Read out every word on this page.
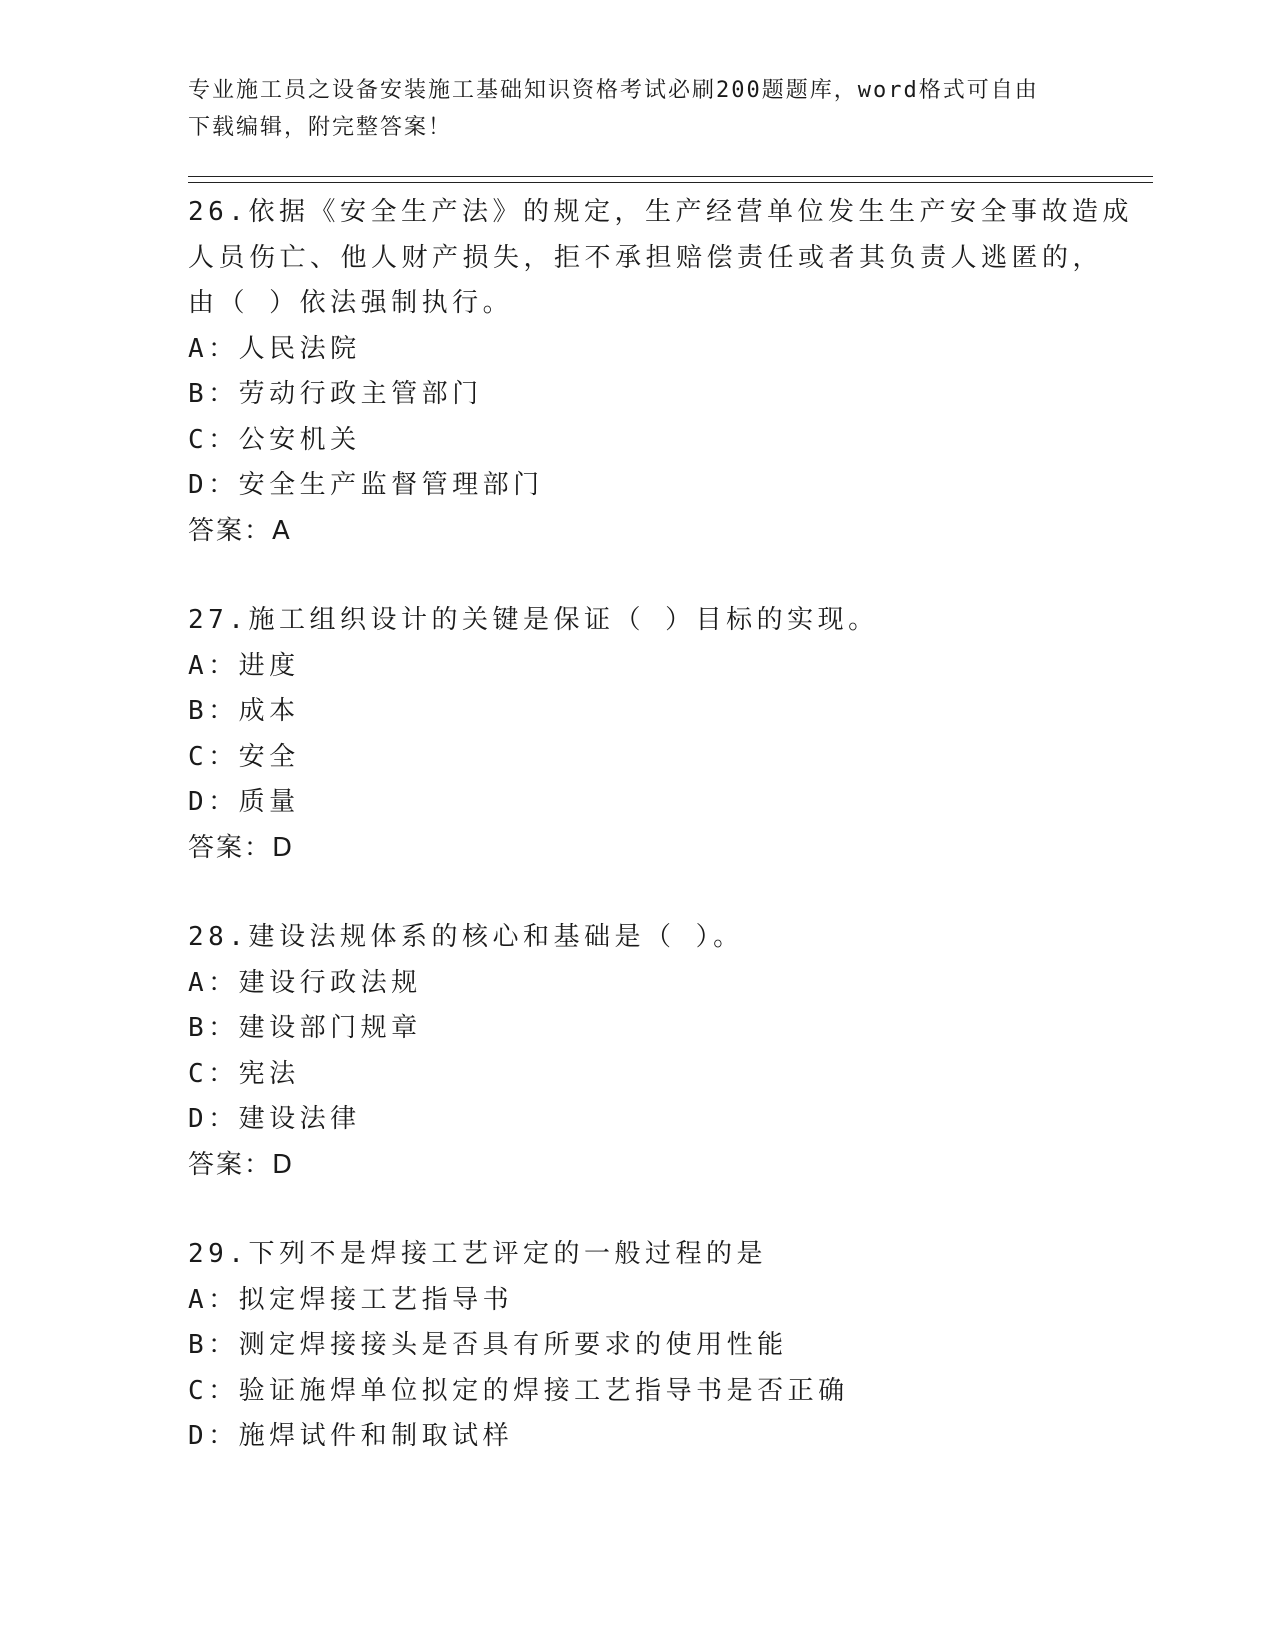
专业施工员之设备安装施工基础知识资格考试必刷200题题库，word格式可自由
下载编辑，附完整答案！
26.依据《安全生产法》的规定，生产经营单位发生生产安全事故造成
人员伤亡、他人财产损失，拒不承担赔偿责任或者其负责人逃匿的，
由（ ）依法强制执行。
A：人民法院
B：劳动行政主管部门
C：公安机关
D：安全生产监督管理部门
答案：A
27.施工组织设计的关键是保证（ ）目标的实现。
A：进度
B：成本
C：安全
D：质量
答案：D
28.建设法规体系的核心和基础是（ ）。
A：建设行政法规
B：建设部门规章
C：宪法
D：建设法律
答案：D
29.下列不是焊接工艺评定的一般过程的是
A：拟定焊接工艺指导书
B：测定焊接接头是否具有所要求的使用性能
C：验证施焊单位拟定的焊接工艺指导书是否正确
D：施焊试件和制取试样
